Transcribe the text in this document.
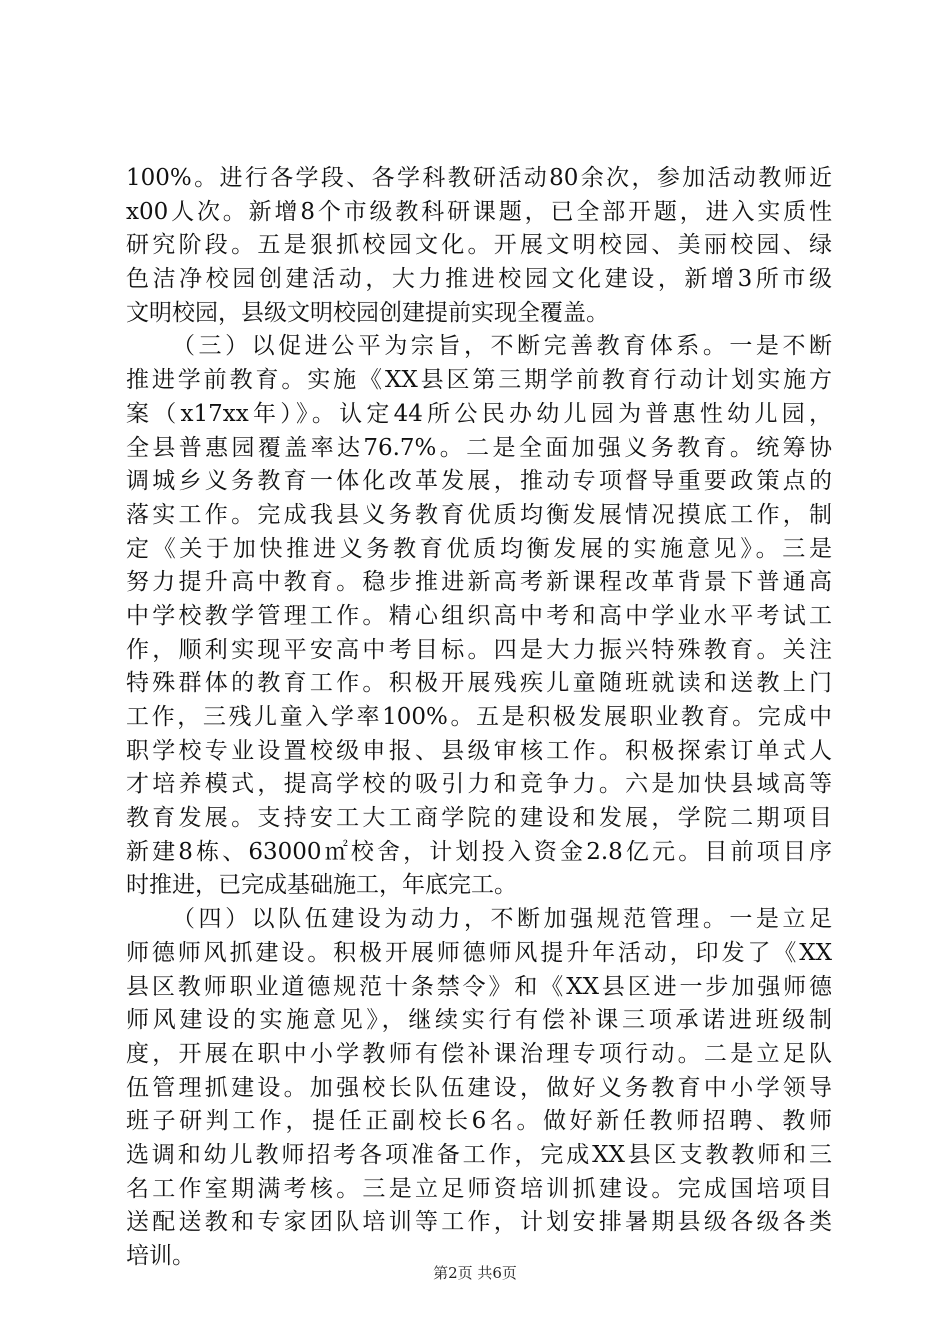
100%。进行各学段、各学科教研活动80余次，参加活动教师近
x00人次。新增8个市级教科研课题，已全部开题，进入实质性
研究阶段。五是狠抓校园文化。开展文明校园、美丽校园、绿
色洁净校园创建活动，大力推进校园文化建设，新增3所市级
文明校园，县级文明校园创建提前实现全覆盖。
（三）以促进公平为宗旨，不断完善教育体系。一是不断
推进学前教育。实施《XX县区第三期学前教育行动计划实施方
案（x17xx年）》。认定44所公民办幼儿园为普惠性幼儿园，
全县普惠园覆盖率达76.7%。二是全面加强义务教育。统筹协
调城乡义务教育一体化改革发展，推动专项督导重要政策点的
落实工作。完成我县义务教育优质均衡发展情况摸底工作，制
定《关于加快推进义务教育优质均衡发展的实施意见》。三是
努力提升高中教育。稳步推进新高考新课程改革背景下普通高
中学校教学管理工作。精心组织高中考和高中学业水平考试工
作，顺利实现平安高中考目标。四是大力振兴特殊教育。关注
特殊群体的教育工作。积极开展残疾儿童随班就读和送教上门
工作，三残儿童入学率100%。五是积极发展职业教育。完成中
职学校专业设置校级申报、县级审核工作。积极探索订单式人
才培养模式，提高学校的吸引力和竞争力。六是加快县域高等
教育发展。支持安工大工商学院的建设和发展，学院二期项目
新建8栋、63000㎡校舍，计划投入资金2.8亿元。目前项目序
时推进，已完成基础施工，年底完工。
（四）以队伍建设为动力，不断加强规范管理。一是立足
师德师风抓建设。积极开展师德师风提升年活动，印发了《XX
县区教师职业道德规范十条禁令》和《XX县区进一步加强师德
师风建设的实施意见》，继续实行有偿补课三项承诺进班级制
度，开展在职中小学教师有偿补课治理专项行动。二是立足队
伍管理抓建设。加强校长队伍建设，做好义务教育中小学领导
班子研判工作，提任正副校长6名。做好新任教师招聘、教师
选调和幼儿教师招考各项准备工作，完成XX县区支教教师和三
名工作室期满考核。三是立足师资培训抓建设。完成国培项目
送配送教和专家团队培训等工作，计划安排暑期县级各级各类
培训。
第2页 共6页
